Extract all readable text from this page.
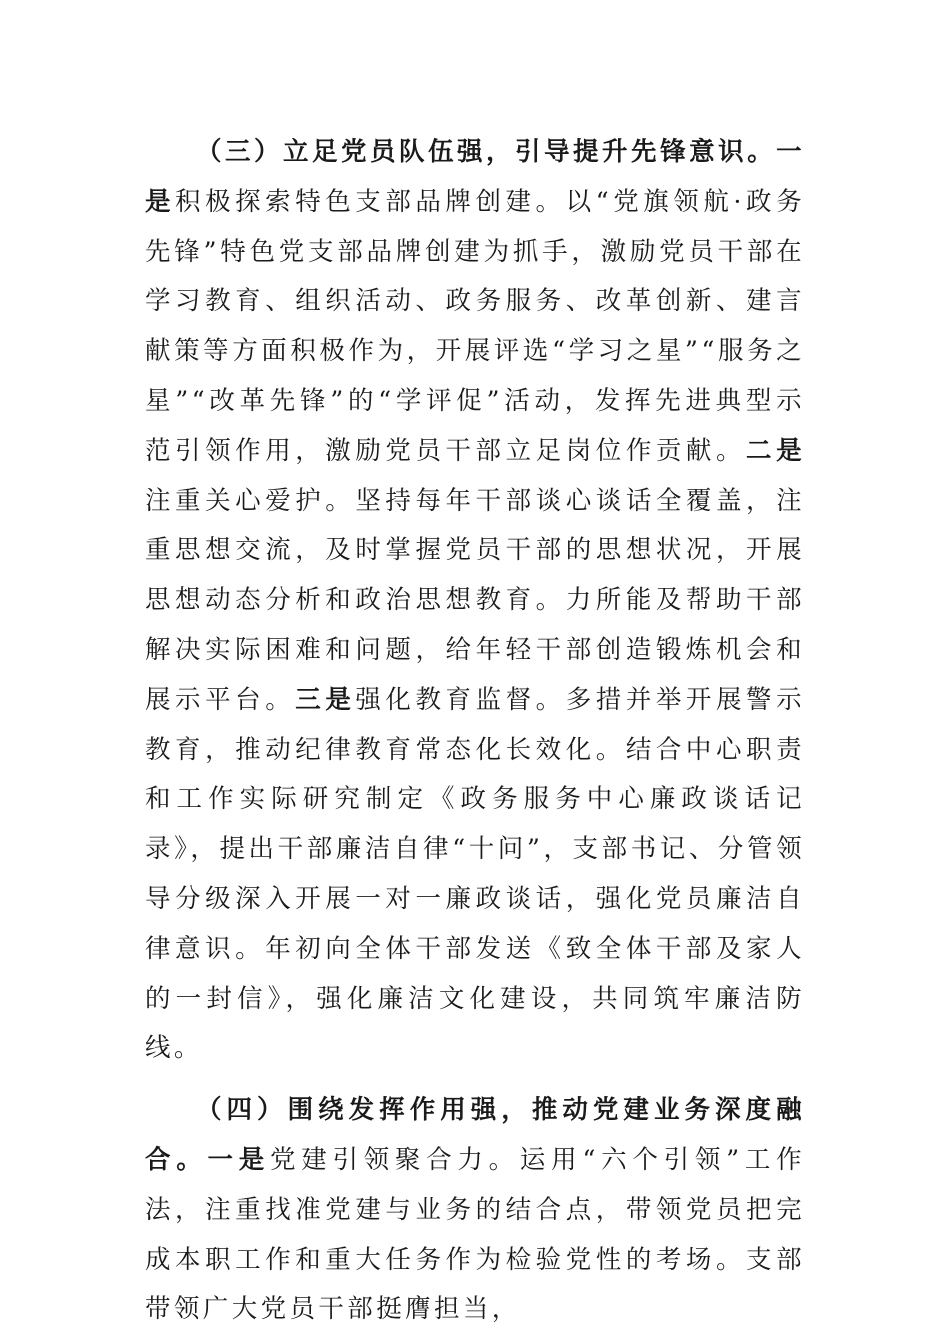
（三）立足党员队伍强，引导提升先锋意识。一是积极探索特色支部品牌创建。以“党旗领航·政务先锋”特色党支部品牌创建为抓手，激励党员干部在学习教育、组织活动、政务服务、改革创新、建言献策等方面积极作为，开展评选“学习之星”“服务之星”“改革先锋”的“学评促”活动，发挥先进典型示范引领作用，激励党员干部立足岗位作贡献。二是注重关心爱护。坚持每年干部谈心谈话全覆盖，注重思想交流，及时掌握党员干部的思想状况，开展思想动态分析和政治思想教育。力所能及帮助干部解决实际困难和问题，给年轻干部创造锻炼机会和展示平台。三是强化教育监督。多措并举开展警示教育，推动纪律教育常态化长效化。结合中心职责和工作实际研究制定《政务服务中心廉政谈话记录》，提出干部廉洁自律“十问”，支部书记、分管领导分级深入开展一对一廉政谈话，强化党员廉洁自律意识。年初向全体干部发送《致全体干部及家人的一封信》，强化廉洁文化建设，共同筑牢廉洁防线。

（四）围绕发挥作用强，推动党建业务深度融合。一是党建引领聚合力。运用“六个引领”工作法，注重找准党建与业务的结合点，带领党员把完成本职工作和重大任务作为检验党性的考场。支部带领广大党员干部挺膺担当，
